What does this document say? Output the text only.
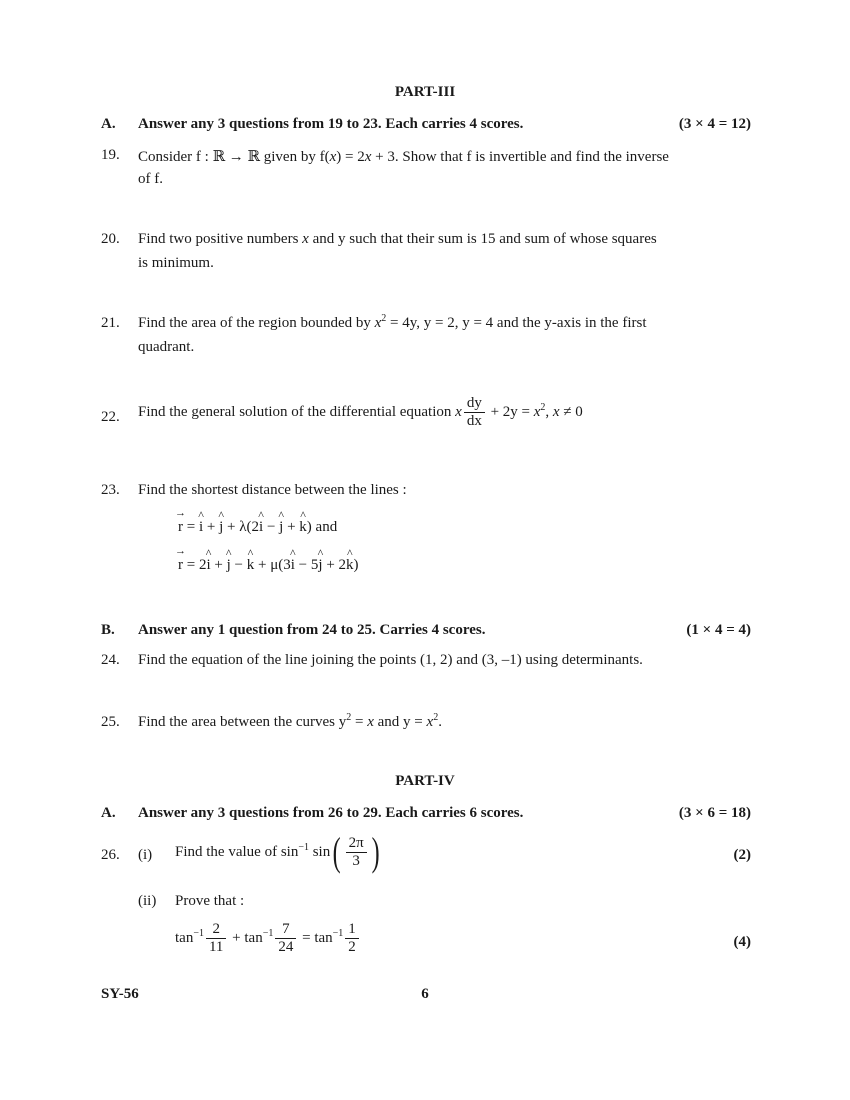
PART-III
A. Answer any 3 questions from 19 to 23. Each carries 4 scores.	(3 × 4 = 12)
19. Consider f : ℝ → ℝ given by f(x) = 2x + 3. Show that f is invertible and find the inverse
of f.
20. Find two positive numbers x and y such that their sum is 15 and sum of whose squares
is minimum.
21. Find the area of the region bounded by $x^2 = 4y$, y = 2, y = 4 and the y-axis in the first
quadrant.
22. Find the general solution of the differential equation x $\frac{dy}{dx} + 2y = x^2$, x ≠ 0
23. Find the shortest distance between the lines :
→ r = ^ i + ^ j + λ(2^ i − ^ j + ^ k) and
→ r = 2^ i + ^ j − ^ k + μ(3^ i − 5^ j + 2^ k)
B. Answer any 1 question from 24 to 25. Carries 4 scores.	(1 × 4 = 4)
24. Find the equation of the line joining the points (1, 2) and (3, –1) using determinants.
25. Find the area between the curves $y^2 = x$ and $y = x^2$.
PART-IV
A. Answer any 3 questions from 26 to 29. Each carries 6 scores.	(3 × 6 = 18)
26. (i) Find the value of $\sin^{-1} \sin( \frac{2\pi}{3}$ )	(2)
(ii) Prove that :
$\tan^{-1} \frac{2}{11} + \tan^{-1} \frac{7}{24} = \tan^{-1} \frac{1}{2}$	(4)
SY-56	6
